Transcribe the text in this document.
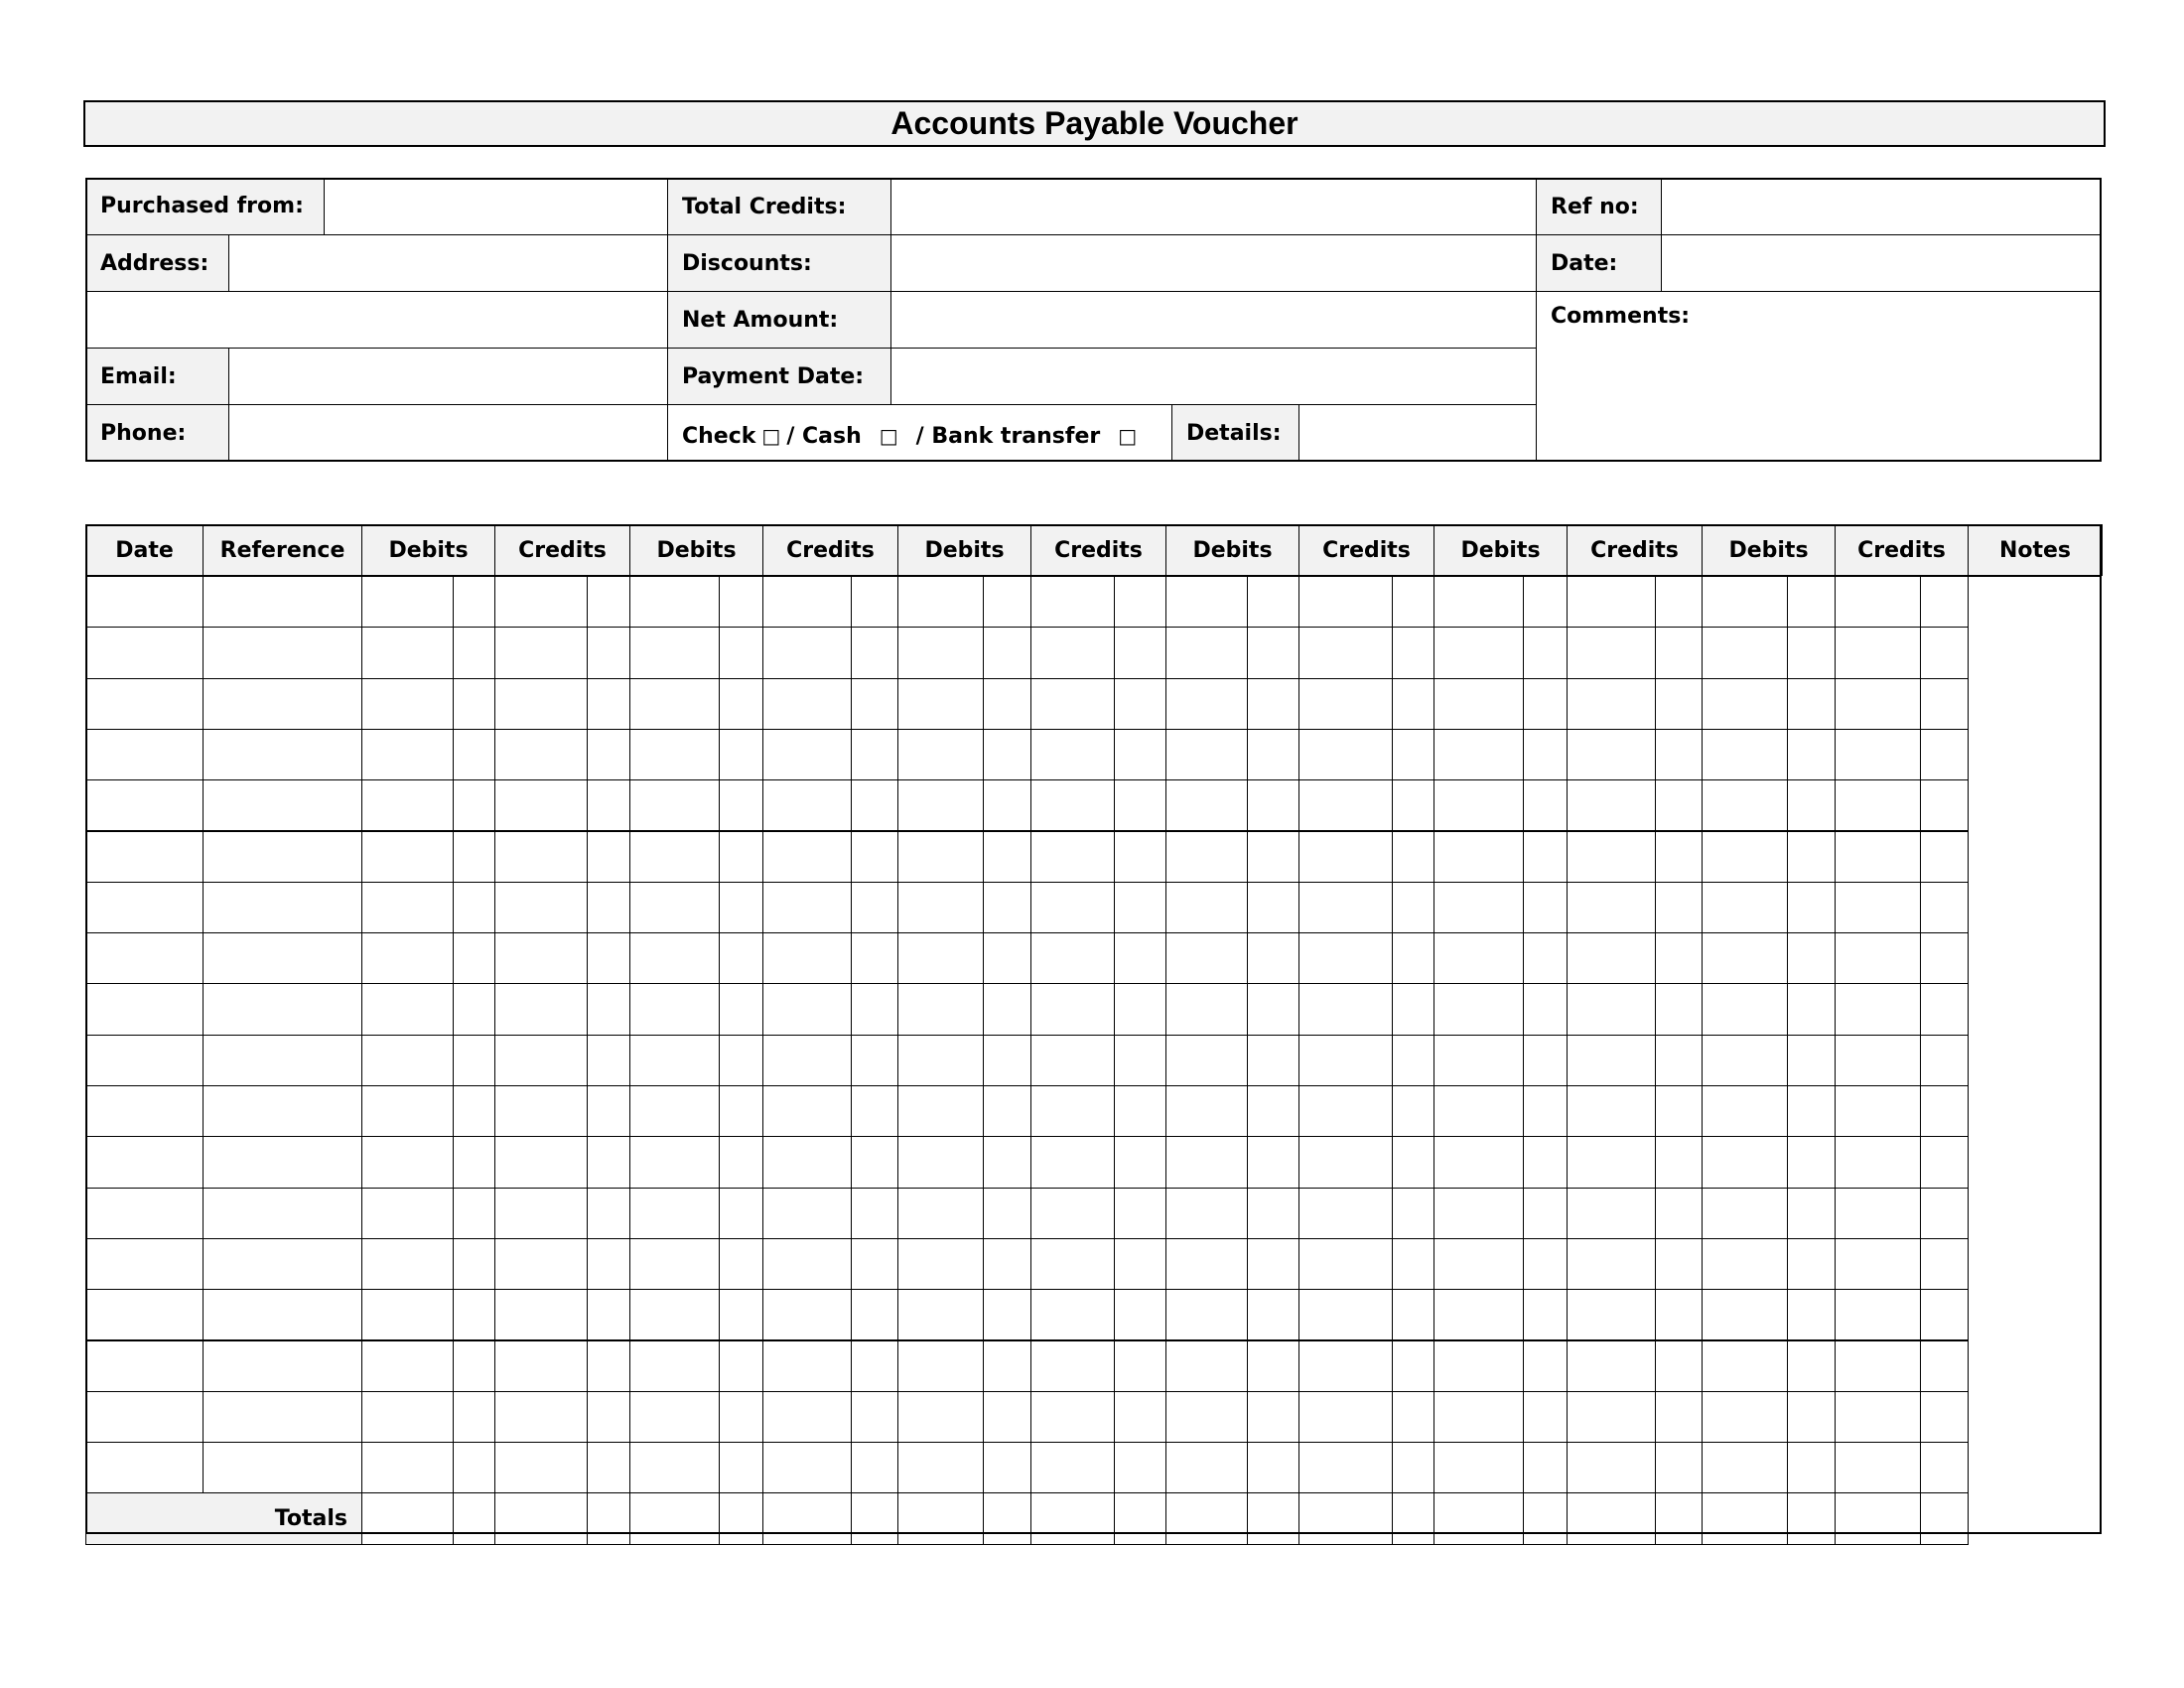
Accounts Payable Voucher
Purchased from:
Address:
Email:
Phone:
Total Credits:
Discounts:
Net Amount:
Payment Date:
Check □ / Cash □ / Bank transfer □	Details:
Ref no:
Date:
Comments:
Date	Reference	Debits	Credits	Debits	Credits	Debits	Credits	Debits	Credits	Debits	Credits	Debits	Credits	Notes
Totals
